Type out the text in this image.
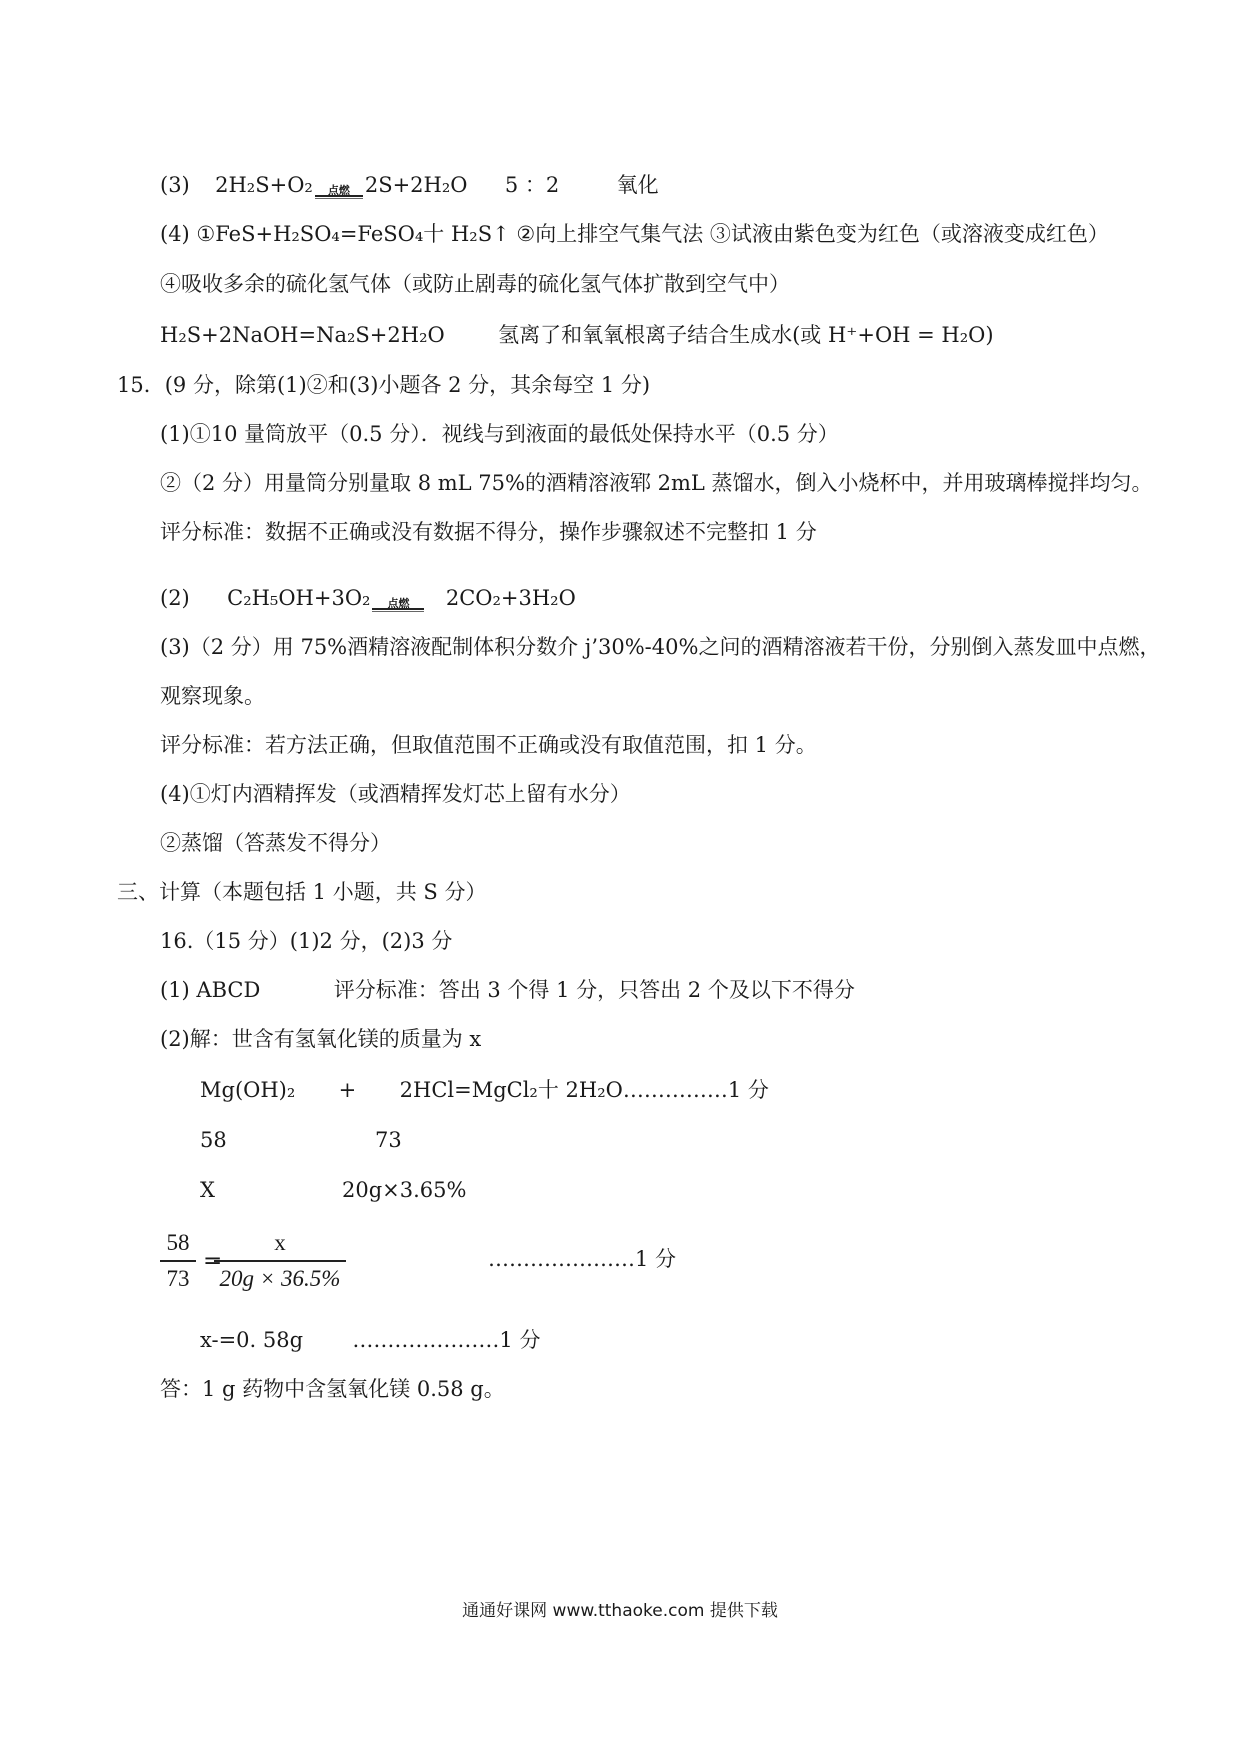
(3) 2H₂S+O₂	点燃 2S+2H₂O 5 ：2	氧化
(4) ①FeS+H₂SO₄=FeSO₄十 H₂S↑ ②向上排空气集气法 ③试液由紫色变为红色（或溶液变成红色）
④吸收多余的硫化氢气体（或防止剧毒的硫化氢气体扩散到空气中）
H₂S+2NaOH=Na₂S+2H₂O	氢离了和氧氧根离子结合生成水(或 H⁺+OH = H₂O)
15．(9 分，除第(1)②和(3)小题各 2 分，其余每空 1 分)
(1)①10 量筒放平（0.5 分）．视线与到液面的最低处保持水平（0.5 分）
②（2 分）用量筒分别量取 8 mL 75%的酒精溶液郓 2mL 蒸馏水，倒入小烧杯中，并用玻璃棒搅拌均匀。
评分标准：数据不正确或没有数据不得分，操作步骤叙述不完整扣 1 分
(2) C₂H₅OH+3O₂	点燃	2CO₂+3H₂O
(3)（2 分）用 75%酒精溶液配制体积分数介 j’30%-40%之问的酒精溶液若干份，分别倒入蒸发皿中点燃，
观察现象。
评分标准：若方法正确，但取值范围不正确或没有取值范围，扣 1 分。
(4)①灯内酒精挥发（或酒精挥发灯芯上留有水分）
②蒸馏（答蒸发不得分）
三、计算（本题包括 1 小题，共 S 分）
16.（15 分）(1)2 分，(2)3 分
(1) ABCD	评分标准：答出 3 个得 1 分，只答出 2 个及以下不得分
(2)解：世含有氢氧化镁的质量为 x
Mg(OH)₂ + 2HCl=MgCl₂十 2H₂O……………1 分
58	73
X	20g×3.65%
58
73
=
x
20g × 36.5%
…………………1 分
x-=0. 58g …………………1 分
答：1 g 药物中含氢氧化镁 0.58 g。
通通好课网 www.tthaoke.com 提供下载
